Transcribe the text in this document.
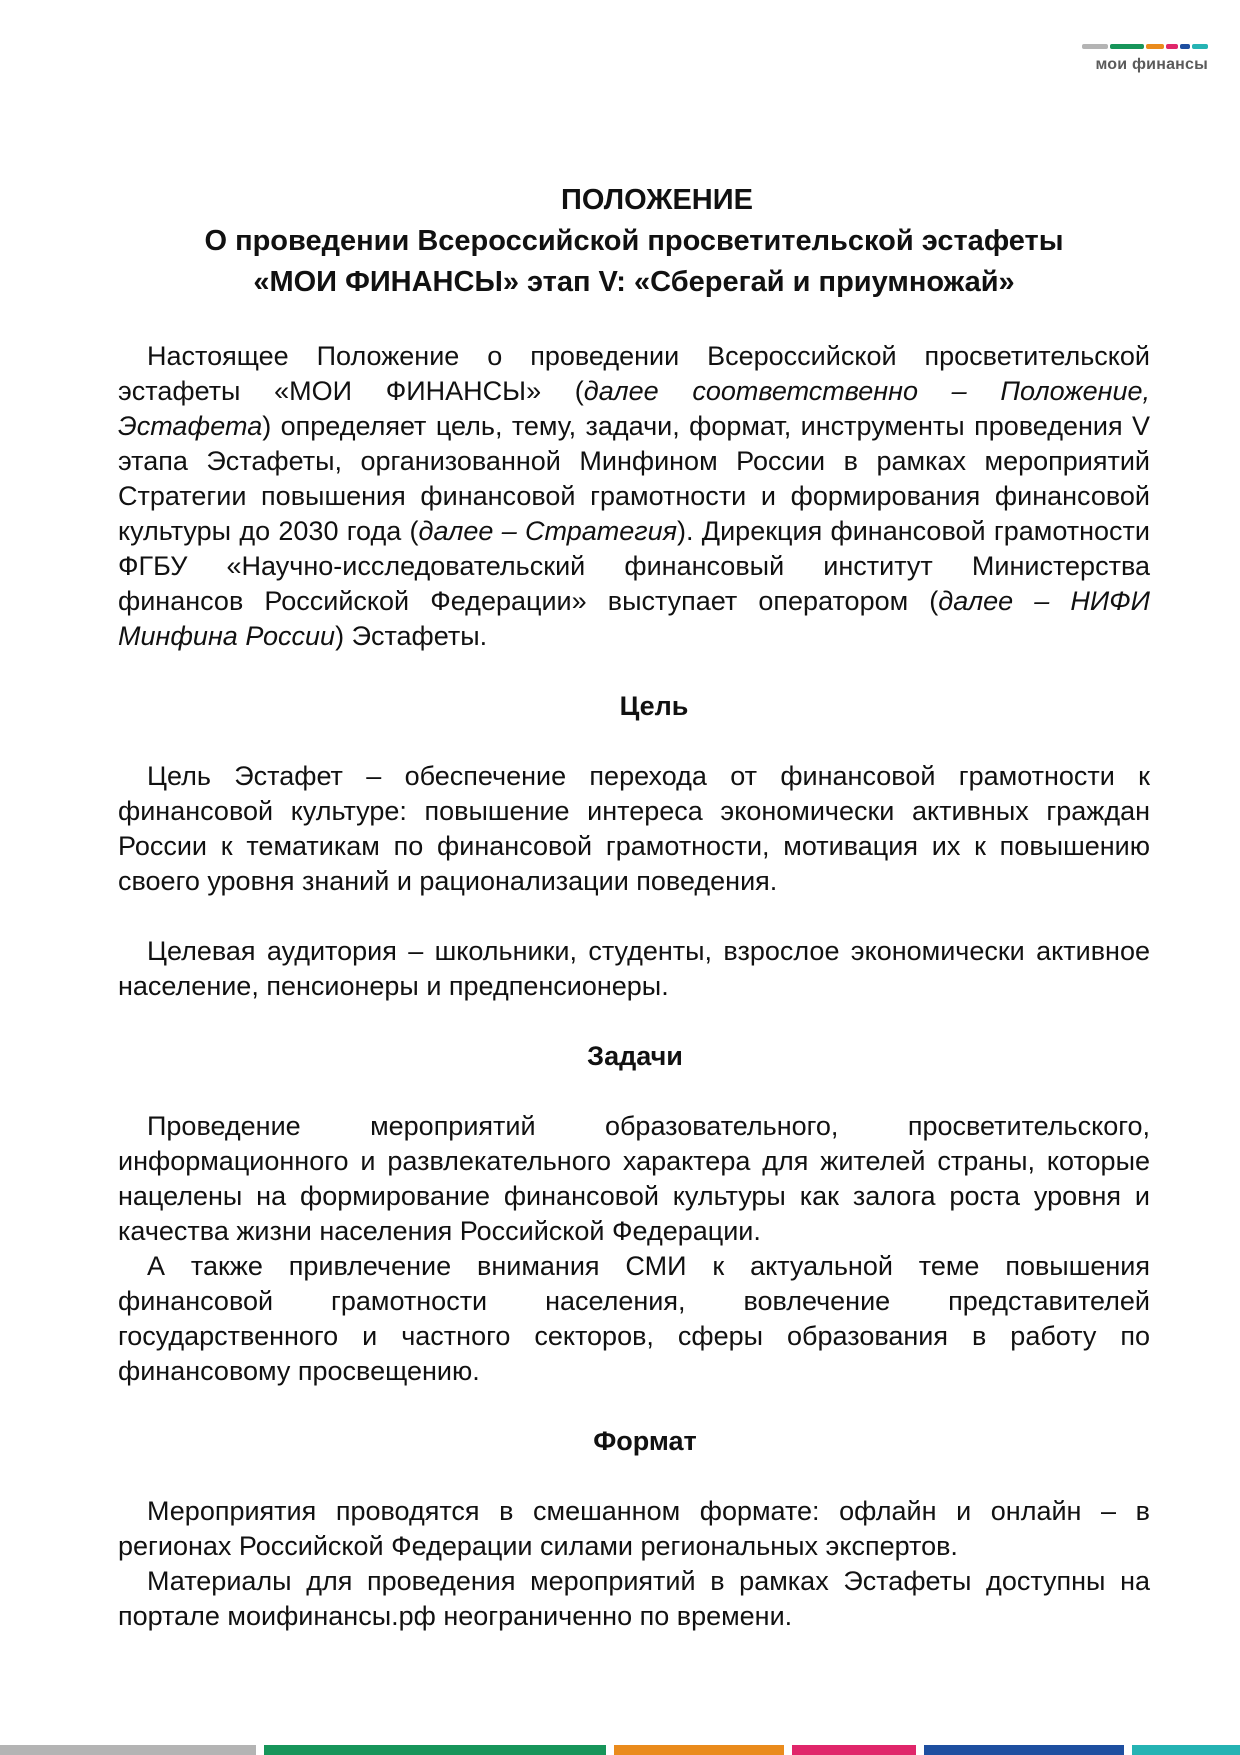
мои финансы
ПОЛОЖЕНИЕ
О проведении Всероссийской просветительской эстафеты
«МОИ ФИНАНСЫ» этап V: «Сберегай и приумножай»

Настоящее Положение о проведении Всероссийской просветительской эстафеты «МОИ ФИНАНСЫ» (далее соответственно – Положение, Эстафета) определяет цель, тему, задачи, формат, инструменты проведения V этапа Эстафеты, организованной Минфином России в рамках мероприятий Стратегии повышения финансовой грамотности и формирования финансовой культуры до 2030 года (далее – Стратегия). Дирекция финансовой грамотности ФГБУ «Научно-исследовательский финансовый институт Министерства финансов Российской Федерации» выступает оператором (далее – НИФИ Минфина России) Эстафеты.

Цель

Цель Эстафет – обеспечение перехода от финансовой грамотности к финансовой культуре: повышение интереса экономически активных граждан России к тематикам по финансовой грамотности, мотивация их к повышению своего уровня знаний и рационализации поведения.

Целевая аудитория – школьники, студенты, взрослое экономически активное население, пенсионеры и предпенсионеры.

Задачи

Проведение мероприятий образовательного, просветительского, информационного и развлекательного характера для жителей страны, которые нацелены на формирование финансовой культуры как залога роста уровня и качества жизни населения Российской Федерации.

А также привлечение внимания СМИ к актуальной теме повышения финансовой грамотности населения, вовлечение представителей государственного и частного секторов, сферы образования в работу по финансовому просвещению.

Формат

Мероприятия проводятся в смешанном формате: офлайн и онлайн – в регионах Российской Федерации силами региональных экспертов.

Материалы для проведения мероприятий в рамках Эстафеты доступны на портале моифинансы.рф неограниченно по времени.
